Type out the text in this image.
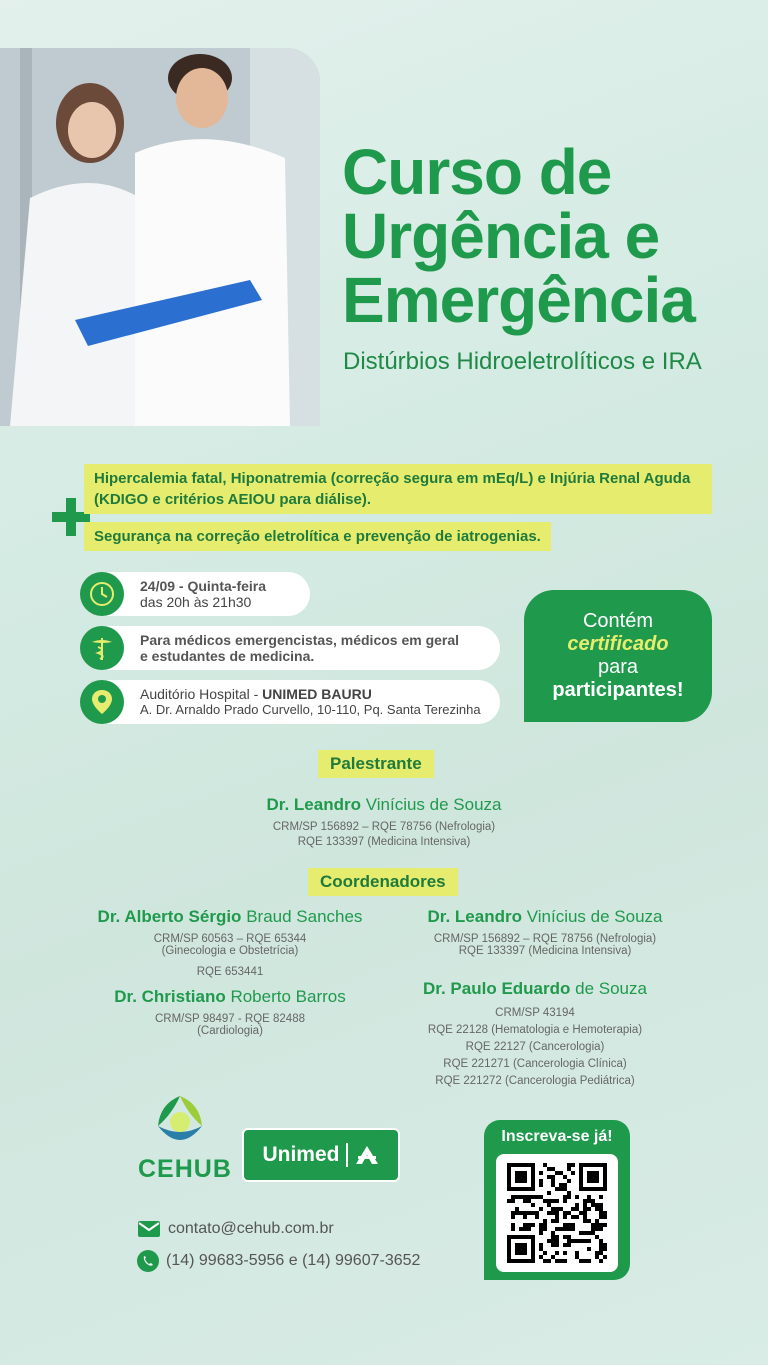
Curso de
Urgência e
Emergência
Distúrbios Hidroeletrolíticos e IRA
Hipercalemia fatal, Hiponatremia (correção segura em mEq/L) e Injúria Renal Aguda (KDIGO e critérios AEIOU para diálise).
Segurança na correção eletrolítica e prevenção de iatrogenias.
24/09 - Quinta-feira
das 20h às 21h30
Para médicos emergencistas, médicos em geral e estudantes de medicina.
Auditório Hospital - UNIMED BAURU
A. Dr. Arnaldo Prado Curvello, 10-110, Pq. Santa Terezinha
Contém
certificado
para
participantes!
Palestrante
Dr. Leandro Vinícius de Souza
CRM/SP 156892 – RQE 78756 (Nefrologia)
RQE 133397 (Medicina Intensiva)
Coordenadores
Dr. Alberto Sérgio Braud Sanches
CRM/SP 60563 – RQE 65344
(Ginecologia e Obstetrícia)
RQE 653441
Dr. Christiano Roberto Barros
CRM/SP 98497 - RQE 82488
(Cardiologia)
Dr. Leandro Vinícius de Souza
CRM/SP 156892 – RQE 78756 (Nefrologia)
RQE 133397 (Medicina Intensiva)
Dr. Paulo Eduardo de Souza
CRM/SP 43194
RQE 22128 (Hematologia e Hemoterapia)
RQE 22127 (Cancerologia)
RQE 221271 (Cancerologia Clínica)
RQE 221272 (Cancerologia Pediátrica)
CEHUB
Unimed
Inscreva-se já!
contato@cehub.com.br
(14) 99683-5956 e (14) 99607-3652
